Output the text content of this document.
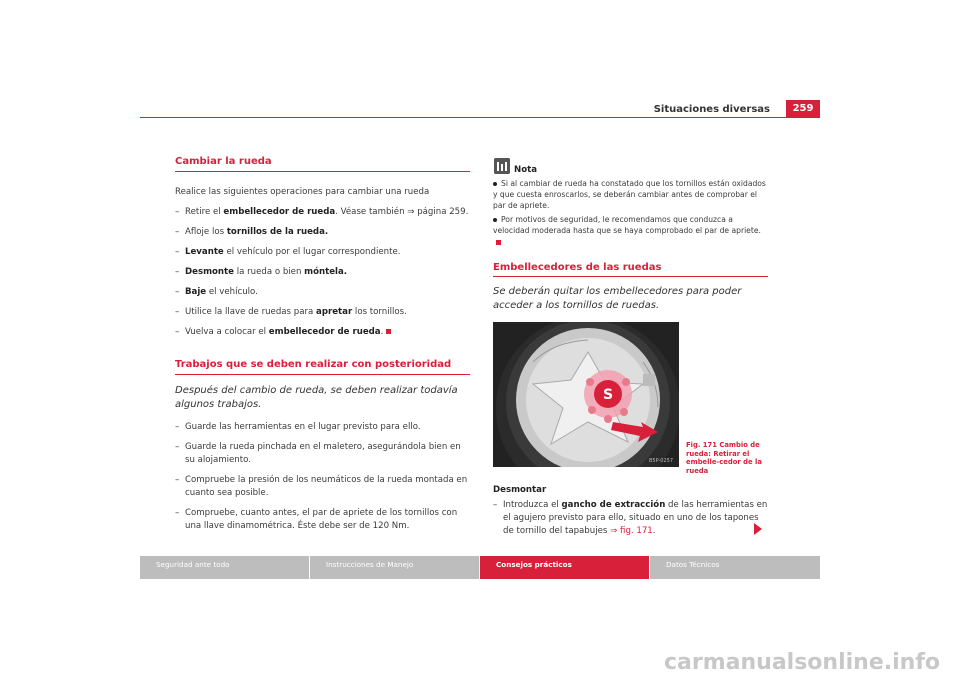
Situaciones diversas	259
Cambiar la rueda

Realice las siguientes operaciones para cambiar una rueda

– Retire el embellecedor de rueda. Véase también ⇒ página 259.
– Afloje los tornillos de la rueda.
– Levante el vehículo por el lugar correspondiente.
– Desmonte la rueda o bien móntela.
– Baje el vehículo.
– Utilice la llave de ruedas para apretar los tornillos.
– Vuelva a colocar el embellecedor de rueda.
Trabajos que se deben realizar con posterioridad
Después del cambio de rueda, se deben realizar todavía algunos trabajos.
– Guarde las herramientas en el lugar previsto para ello.
– Guarde la rueda pinchada en el maletero, asegurándola bien en su alojamiento.
– Compruebe la presión de los neumáticos de la rueda montada en cuanto sea posible.
– Compruebe, cuanto antes, el par de apriete de los tornillos con una llave dinamométrica. Éste debe ser de 120 Nm.
Nota
Si al cambiar de rueda ha constatado que los tornillos están oxidados y que cuesta enroscarlos, se deberán cambiar antes de comprobar el par de apriete.
Por motivos de seguridad, le recomendamos que conduzca a velocidad moderada hasta que se haya comprobado el par de apriete.
Embellecedores de las ruedas
Se deberán quitar los embellecedores para poder acceder a los tornillos de ruedas.
S
B5P-0257
Fig. 171 Cambio de rueda: Retirar el embelle-cedor de la rueda
Desmontar
– Introduzca el gancho de extracción de las herramientas en el agujero previsto para ello, situado en uno de los tapones de tornillo del tapabujes ⇒ fig. 171.
Seguridad ante todo	Instrucciones de Manejo	Consejos prácticos	Datos Técnicos
carmanualsonline.info
